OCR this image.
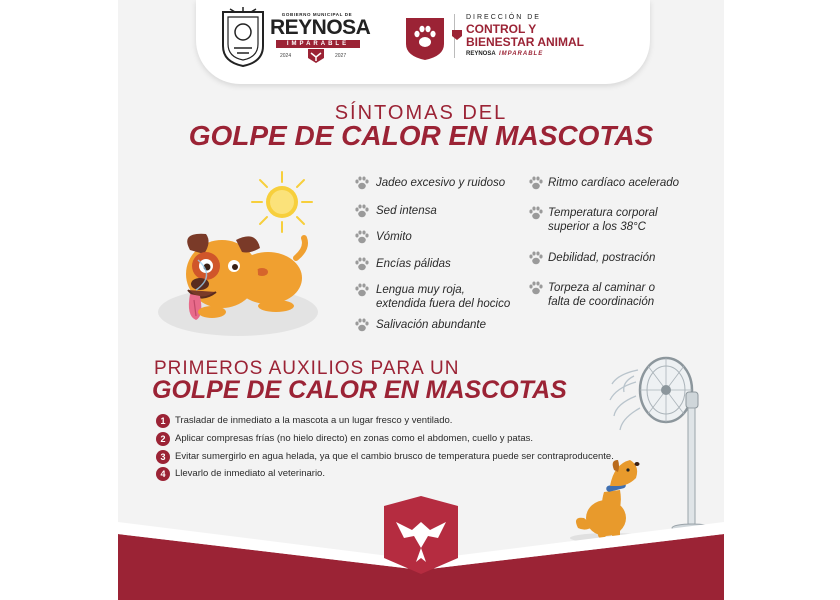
GOBIERNO MUNICIPAL DE
REYNOSA
IMPARABLE
2024	2027
DIRECCIÓN DE
CONTROL Y
BIENESTAR ANIMAL
REYNOSA IMPARABLE
SÍNTOMAS DEL
GOLPE DE CALOR EN MASCOTAS
Jadeo excesivo y ruidoso
Sed intensa
Vómito
Encías pálidas
Lengua muy roja,
extendida fuera del hocico
Salivación abundante
Ritmo cardíaco acelerado
Temperatura corporal
superior a los 38°C
Debilidad, postración
Torpeza al caminar o
falta de coordinación
PRIMEROS AUXILIOS PARA UN
GOLPE DE CALOR EN MASCOTAS
1	Trasladar de inmediato a la mascota a un lugar fresco y ventilado.
2	Aplicar compresas frías (no hielo directo) en zonas como el abdomen, cuello y patas.
3	Evitar sumergirlo en agua helada, ya que el cambio brusco de temperatura puede ser contraproducente.
4	Llevarlo de inmediato al veterinario.
